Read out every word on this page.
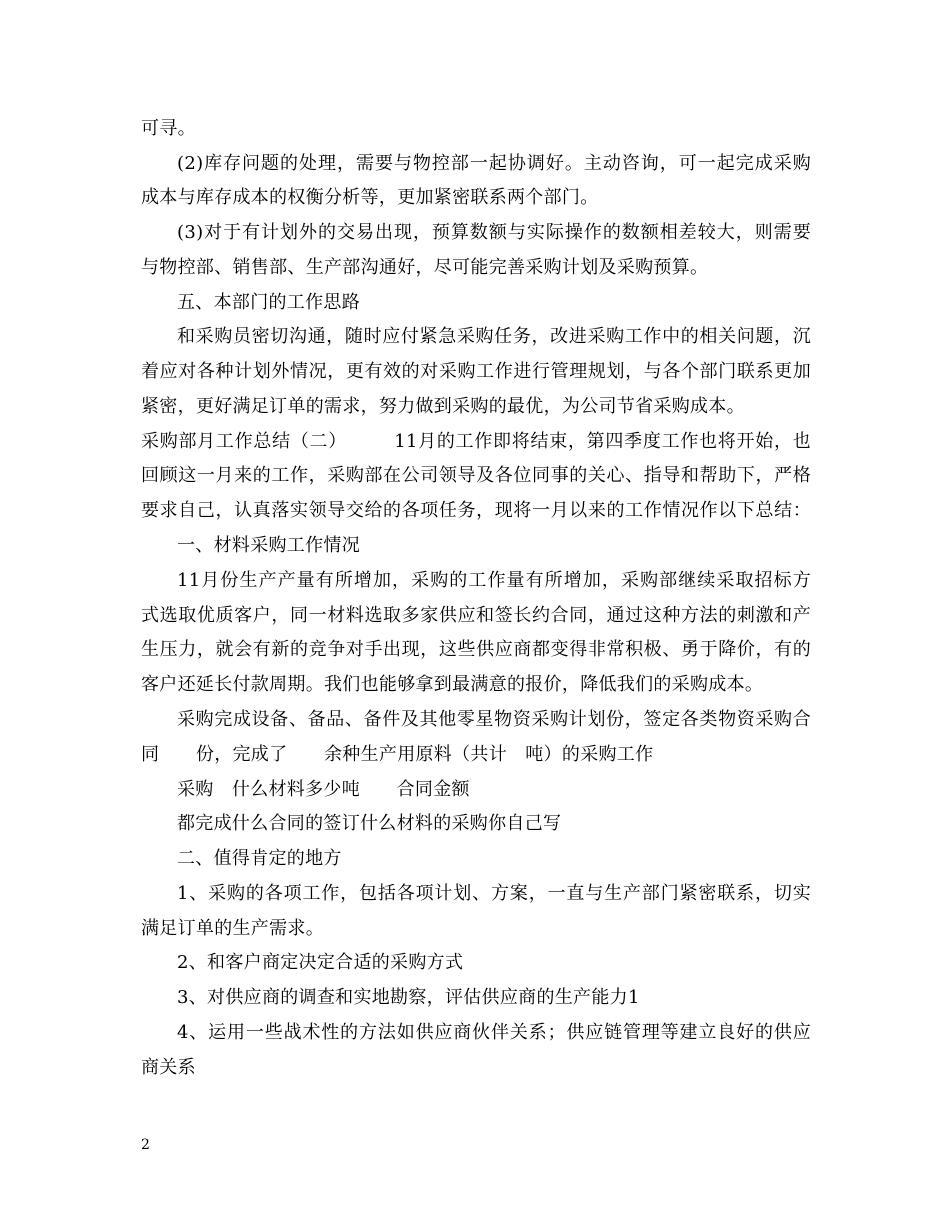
可寻。
(2)库存问题的处理，需要与物控部一起协调好。主动咨询，可一起完成采购
成本与库存成本的权衡分析等，更加紧密联系两个部门。
(3)对于有计划外的交易出现，预算数额与实际操作的数额相差较大，则需要
与物控部、销售部、生产部沟通好，尽可能完善采购计划及采购预算。
五、本部门的工作思路
和采购员密切沟通，随时应付紧急采购任务，改进采购工作中的相关问题，沉
着应对各种计划外情况，更有效的对采购工作进行管理规划，与各个部门联系更加
紧密，更好满足订单的需求，努力做到采购的最优，为公司节省采购成本。
采购部月工作总结（二）　　　11月的工作即将结束，第四季度工作也将开始，也
回顾这一月来的工作，采购部在公司领导及各位同事的关心、指导和帮助下，严格
要求自己，认真落实领导交给的各项任务，现将一月以来的工作情况作以下总结：
一、材料采购工作情况
11月份生产产量有所增加，采购的工作量有所增加，采购部继续采取招标方
式选取优质客户，同一材料选取多家供应和签长约合同，通过这种方法的刺激和产
生压力，就会有新的竞争对手出现，这些供应商都变得非常积极、勇于降价，有的
客户还延长付款周期。我们也能够拿到最满意的报价，降低我们的采购成本。
采购完成设备、备品、备件及其他零星物资采购计划份，签定各类物资采购合
同　　份，完成了　　余种生产用原料（共计　吨）的采购工作
采购　什么材料多少吨　　合同金额
都完成什么合同的签订什么材料的采购你自己写
二、值得肯定的地方
1、采购的各项工作，包括各项计划、方案，一直与生产部门紧密联系，切实
满足订单的生产需求。
2、和客户商定决定合适的采购方式
3、对供应商的调查和实地勘察，评估供应商的生产能力1
4、运用一些战术性的方法如供应商伙伴关系；供应链管理等建立良好的供应
商关系
2
